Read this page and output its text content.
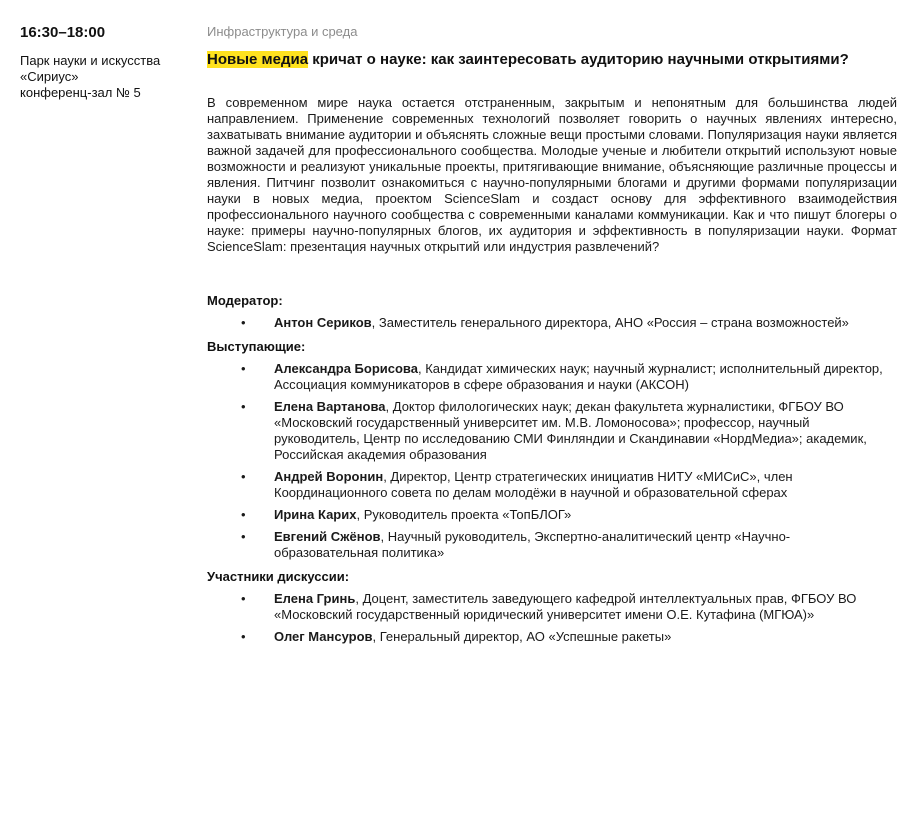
16:30–18:00
Парк науки и искусства
«Сириус»
конференц-зал № 5
Инфраструктура и среда
Новые медиа кричат о науке: как заинтересовать аудиторию научными открытиями?
В современном мире наука остается отстраненным, закрытым и непонятным для большинства людей направлением. Применение современных технологий позволяет говорить о научных явлениях интересно, захватывать внимание аудитории и объяснять сложные вещи простыми словами. Популяризация науки является важной задачей для профессионального сообщества. Молодые ученые и любители открытий используют новые возможности и реализуют уникальные проекты, притягивающие внимание, объясняющие различные процессы и явления. Питчинг позволит ознакомиться с научно-популярными блогами и другими формами популяризации науки в новых медиа, проектом ScienceSlam и создаст основу для эффективного взаимодействия профессионального научного сообщества с современными каналами коммуникации. Как и что пишут блогеры о науке: примеры научно-популярных блогов, их аудитория и эффективность в популяризации науки. Формат ScienceSlam: презентация научных открытий или индустрия развлечений?
Модератор:
• Антон Сериков, Заместитель генерального директора, АНО «Россия – страна возможностей»
Выступающие:
• Александра Борисова, Кандидат химических наук; научный журналист; исполнительный директор, Ассоциация коммуникаторов в сфере образования и науки (АКСОН)
• Елена Вартанова, Доктор филологических наук; декан факультета журналистики, ФГБОУ ВО «Московский государственный университет им. М.В. Ломоносова»; профессор, научный руководитель, Центр по исследованию СМИ Финляндии и Скандинавии «НордМедиа»; академик, Российская академия образования
• Андрей Воронин, Директор, Центр стратегических инициатив НИТУ «МИСиС», член Координационного совета по делам молодёжи в научной и образовательной сферах
• Ирина Карих, Руководитель проекта «ТопБЛОГ»
• Евгений Сжёнов, Научный руководитель, Экспертно-аналитический центр «Научно-образовательная политика»
Участники дискуссии:
• Елена Гринь, Доцент, заместитель заведующего кафедрой интеллектуальных прав, ФГБОУ ВО «Московский государственный юридический университет имени О.Е. Кутафина (МГЮА)»
• Олег Мансуров, Генеральный директор, АО «Успешные ракеты»
